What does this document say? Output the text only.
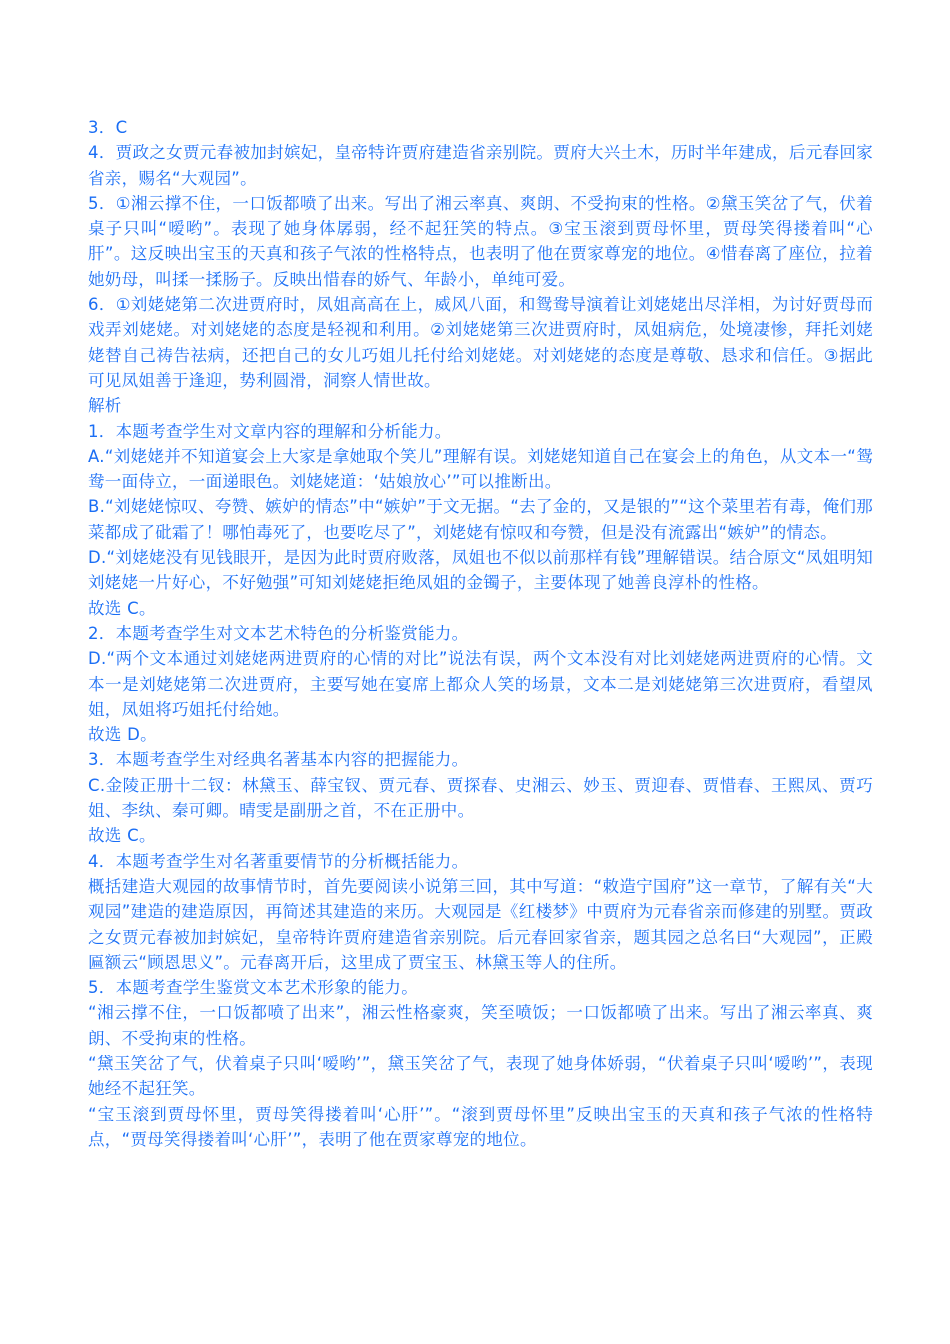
3．C

4．贾政之女贾元春被加封嫔妃，皇帝特许贾府建造省亲别院。贾府大兴土木，历时半年建成，后元春回家省亲，赐名“大观园”。

5．①湘云撑不住，一口饭都喷了出来。写出了湘云率真、爽朗、不受拘束的性格。②黛玉笑岔了气，伏着桌子只叫“嗳哟”。表现了她身体孱弱，经不起狂笑的特点。③宝玉滚到贾母怀里，贾母笑得搂着叫“心肝”。这反映出宝玉的天真和孩子气浓的性格特点，也表明了他在贾家尊宠的地位。④惜春离了座位，拉着她奶母，叫揉一揉肠子。反映出惜春的娇气、年龄小，单纯可爱。

6．①刘姥姥第二次进贾府时，凤姐高高在上，威风八面，和鸳鸯导演着让刘姥姥出尽洋相，为讨好贾母而戏弄刘姥姥。对刘姥姥的态度是轻视和利用。②刘姥姥第三次进贾府时，凤姐病危，处境凄惨，拜托刘姥姥替自己祷告祛病，还把自己的女儿巧姐儿托付给刘姥姥。对刘姥姥的态度是尊敬、恳求和信任。③据此可见凤姐善于逢迎，势利圆滑，洞察人情世故。

解析

1．本题考查学生对文章内容的理解和分析能力。

A.“刘姥姥并不知道宴会上大家是拿她取个笑儿”理解有误。刘姥姥知道自己在宴会上的角色，从文本一“鸳鸯一面侍立，一面递眼色。刘姥姥道：‘姑娘放心’”可以推断出。

B.“刘姥姥惊叹、夸赞、嫉妒的情态”中“嫉妒”于文无据。“去了金的，又是银的”“这个菜里若有毒，俺们那菜都成了砒霜了！哪怕毒死了，也要吃尽了”，刘姥姥有惊叹和夸赞，但是没有流露出“嫉妒”的情态。

D.“刘姥姥没有见钱眼开，是因为此时贾府败落，凤姐也不似以前那样有钱”理解错误。结合原文“凤姐明知刘姥姥一片好心，不好勉强”可知刘姥姥拒绝凤姐的金镯子，主要体现了她善良淳朴的性格。

故选 C。

2．本题考查学生对文本艺术特色的分析鉴赏能力。

D.“两个文本通过刘姥姥两进贾府的心情的对比”说法有误，两个文本没有对比刘姥姥两进贾府的心情。文本一是刘姥姥第二次进贾府，主要写她在宴席上都众人笑的场景，文本二是刘姥姥第三次进贾府，看望凤姐，凤姐将巧姐托付给她。

故选 D。

3．本题考查学生对经典名著基本内容的把握能力。

C.金陵正册十二钗：林黛玉、薛宝钗、贾元春、贾探春、史湘云、妙玉、贾迎春、贾惜春、王熙凤、贾巧姐、李纨、秦可卿。晴雯是副册之首，不在正册中。

故选 C。

4．本题考查学生对名著重要情节的分析概括能力。

概括建造大观园的故事情节时，首先要阅读小说第三回，其中写道：“敕造宁国府”这一章节，了解有关“大观园”建造的建造原因，再简述其建造的来历。大观园是《红楼梦》中贾府为元春省亲而修建的别墅。贾政之女贾元春被加封嫔妃，皇帝特许贾府建造省亲别院。后元春回家省亲，题其园之总名曰“大观园”，正殿匾额云“顾恩思义”。元春离开后，这里成了贾宝玉、林黛玉等人的住所。

5．本题考查学生鉴赏文本艺术形象的能力。

“湘云撑不住，一口饭都喷了出来”，湘云性格豪爽，笑至喷饭；一口饭都喷了出来。写出了湘云率真、爽朗、不受拘束的性格。

“黛玉笑岔了气，伏着桌子只叫‘嗳哟’”，黛玉笑岔了气，表现了她身体娇弱，“伏着桌子只叫‘嗳哟’”，表现她经不起狂笑。

“宝玉滚到贾母怀里，贾母笑得搂着叫‘心肝’”。“滚到贾母怀里”反映出宝玉的天真和孩子气浓的性格特点，“贾母笑得搂着叫‘心肝’”，表明了他在贾家尊宠的地位。
